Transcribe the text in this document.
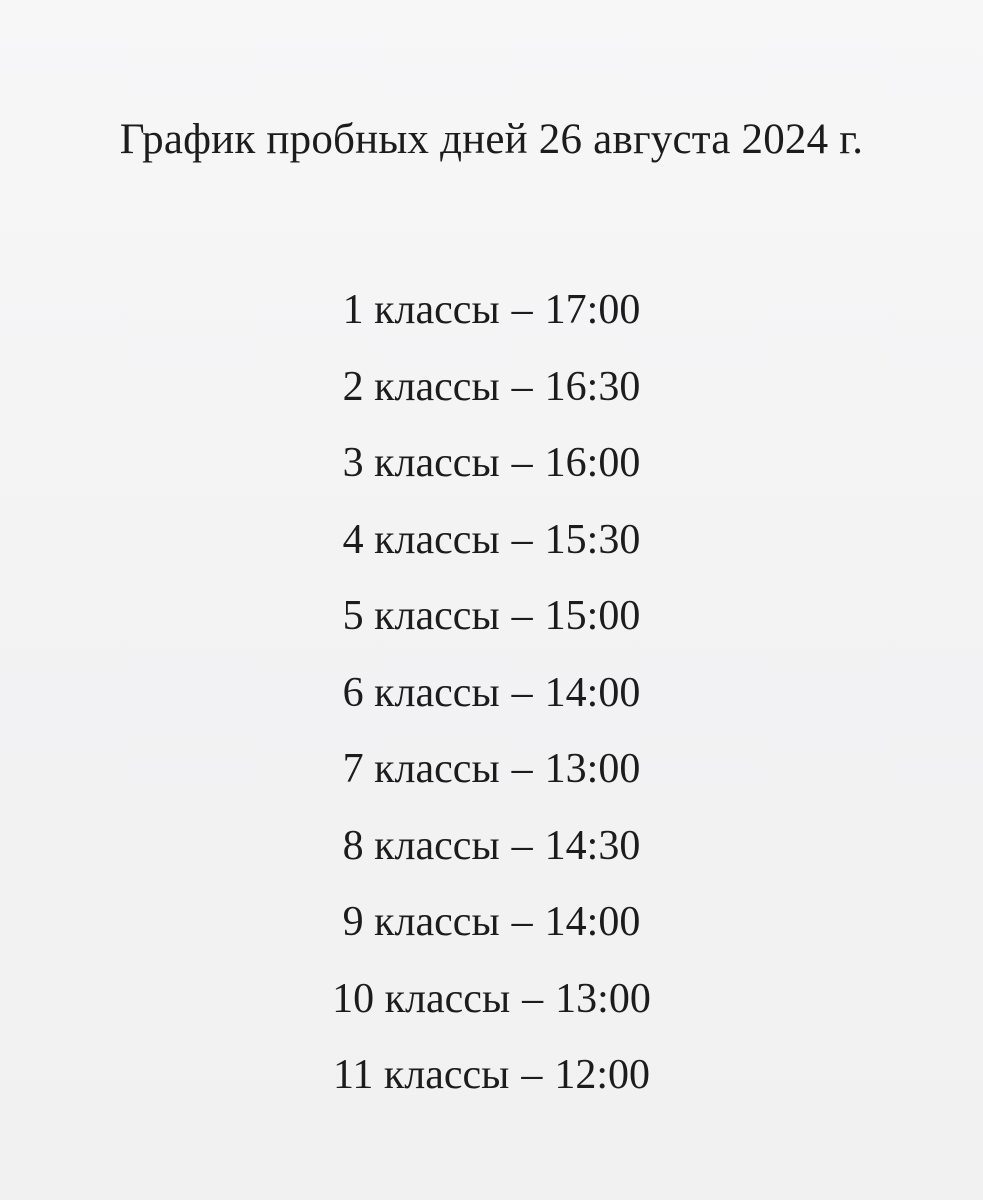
График пробных дней 26 августа 2024 г.
1 классы – 17:00
2 классы – 16:30
3 классы – 16:00
4 классы – 15:30
5 классы – 15:00
6 классы – 14:00
7 классы – 13:00
8 классы – 14:30
9 классы – 14:00
10 классы – 13:00
11 классы – 12:00
